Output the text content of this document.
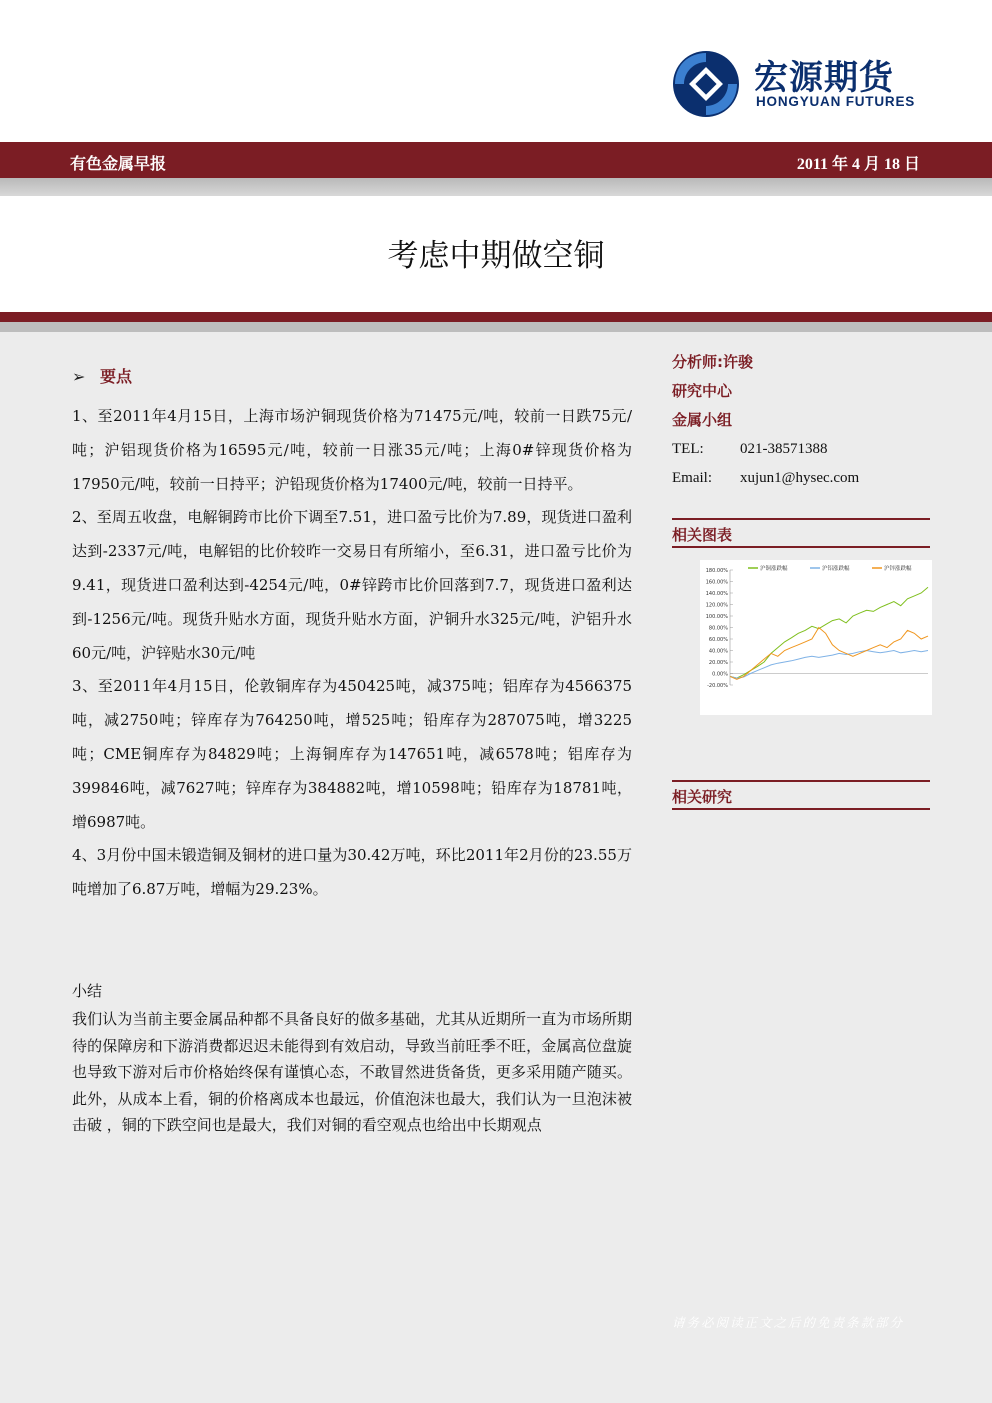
宏源期货
HONGYUAN FUTURES
有色金属早报	2011 年 4 月 18 日
考虑中期做空铜
➢ 要点

1、至2011年4月15日，上海市场沪铜现货价格为71475元/吨，较前一日跌75元/吨；沪铝现货价格为16595元/吨，较前一日涨35元/吨；上海0#锌现货价格为17950元/吨，较前一日持平；沪铅现货价格为17400元/吨，较前一日持平。

2、至周五收盘，电解铜跨市比价下调至7.51，进口盈亏比价为7.89，现货进口盈利达到-2337元/吨，电解铝的比价较昨一交易日有所缩小，至6.31，进口盈亏比价为9.41，现货进口盈利达到-4254元/吨，0#锌跨市比价回落到7.7，现货进口盈利达到-1256元/吨。现货升贴水方面，现货升贴水方面，沪铜升水325元/吨，沪铝升水60元/吨，沪锌贴水30元/吨

3、至2011年4月15日，伦敦铜库存为450425吨，减375吨；铝库存为4566375吨，减2750吨；锌库存为764250吨，增525吨；铅库存为287075吨，增3225吨；CME铜库存为84829吨；上海铜库存为147651吨，减6578吨；铝库存为399846吨，减7627吨；锌库存为384882吨，增10598吨；铅库存为18781吨，增6987吨。

4、3月份中国未锻造铜及铜材的进口量为30.42万吨，环比2011年2月份的23.55万吨增加了6.87万吨，增幅为29.23%。

小结
我们认为当前主要金属品种都不具备良好的做多基础，尤其从近期所一直为市场所期待的保障房和下游消费都迟迟未能得到有效启动，导致当前旺季不旺，金属高位盘旋也导致下游对后市价格始终保有谨慎心态，不敢冒然进货备货，更多采用随产随买。此外，从成本上看，铜的价格离成本也最远，价值泡沫也最大，我们认为一旦泡沫被击破 ，铜的下跌空间也是最大，我们对铜的看空观点也给出中长期观点
分析师:许骏
研究中心
金属小组
TEL: 021-38571388
Email: xujun1@hysec.com
相关图表
180.00%
160.00%
140.00%
120.00%
100.00%
80.00%
60.00%
40.00%
20.00%
0.00%
-20.00%
沪铜涨跌幅	沪铝涨跌幅	沪锌涨跌幅
相关研究
请务必阅读正文之后的免责条款部分
